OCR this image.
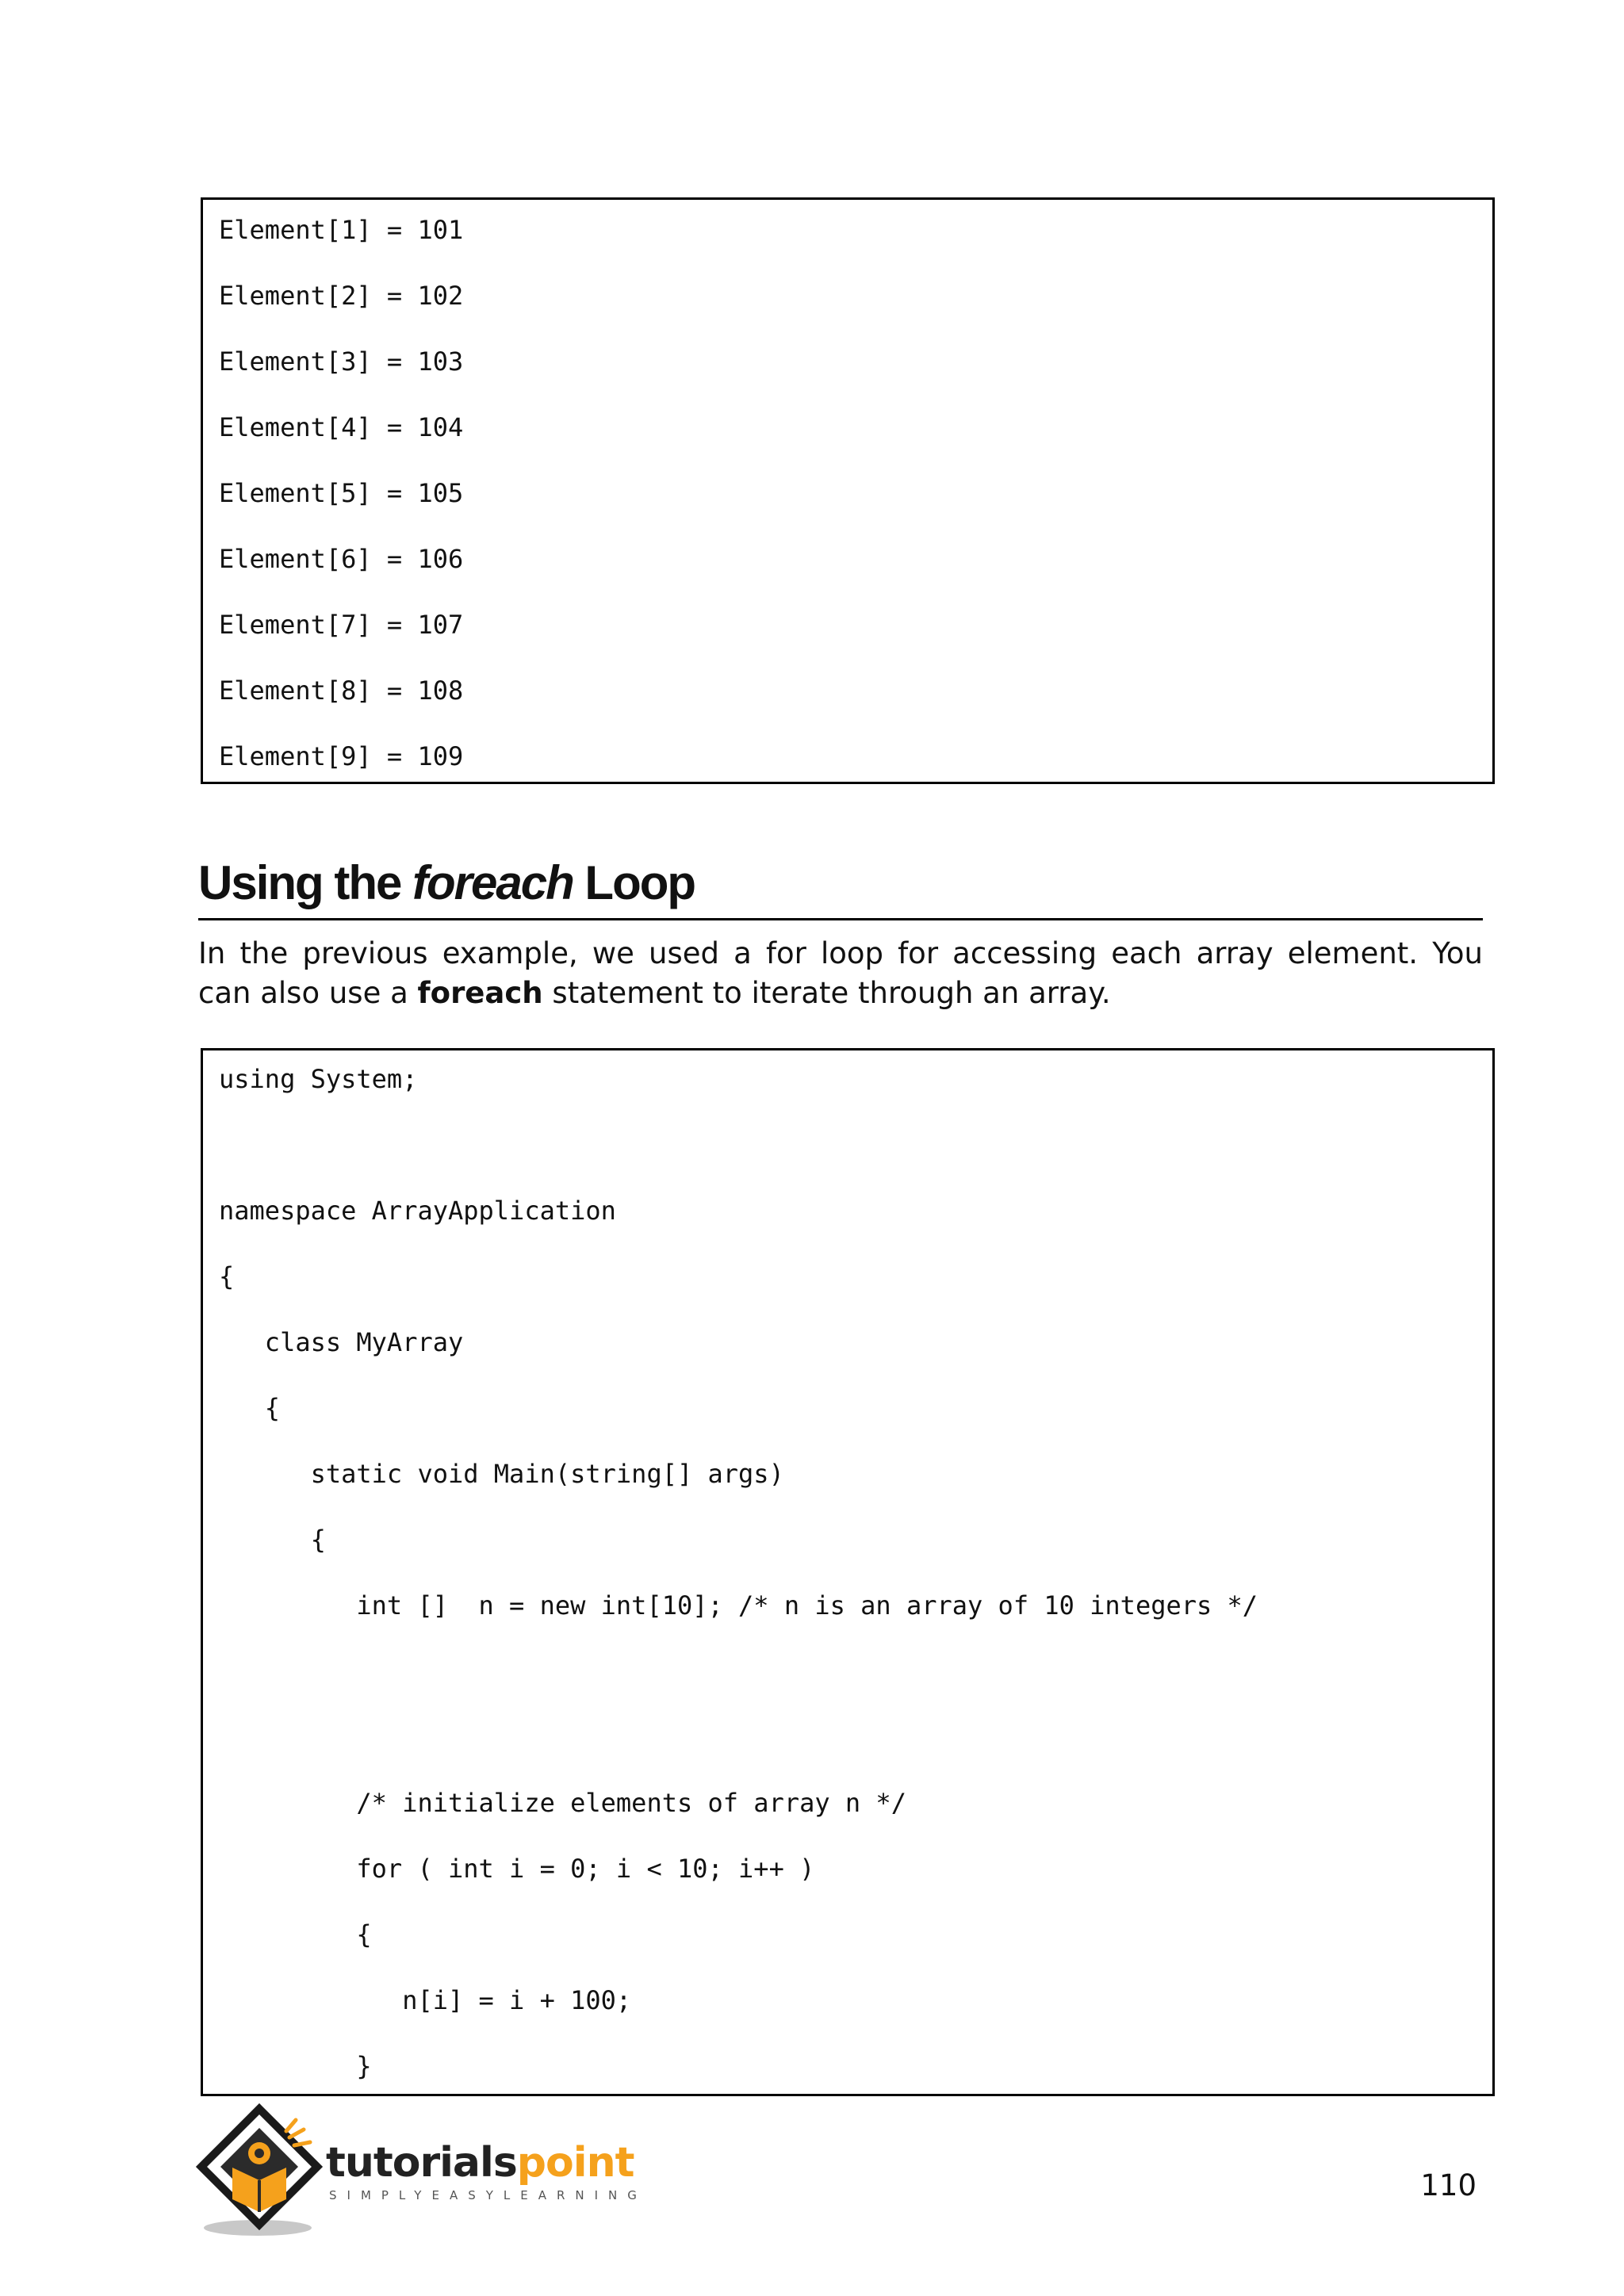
Element[1] = 101
Element[2] = 102
Element[3] = 103
Element[4] = 104
Element[5] = 105
Element[6] = 106
Element[7] = 107
Element[8] = 108
Element[9] = 109
Using the foreach Loop
In the previous example, we used a for loop for accessing each array element. You
can also use a foreach statement to iterate through an array.
using System;
namespace ArrayApplication
{
class MyArray
{
static void Main(string[] args)
{
int []  n = new int[10]; /* n is an array of 10 integers */
/* initialize elements of array n */
for ( int i = 0; i < 10; i++ )
{
n[i] = i + 100;
}
tutorialspoint
SIMPLYEASYLEARNING	110
